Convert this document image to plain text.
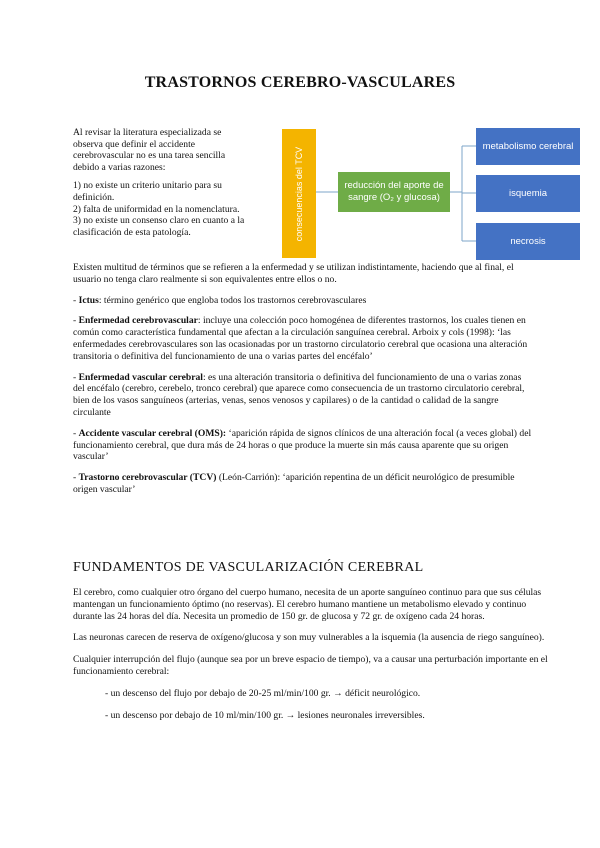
TRASTORNOS CEREBRO-VASCULARES

Al revisar la literatura especializada se observa que definir el accidente cerebrovascular no es una tarea sencilla debido a varias razones:

1) no existe un criterio unitario para su definición.
2) falta de uniformidad en la nomenclatura.
3) no existe un consenso claro en cuanto a la clasificación de esta patología.	consecuencias del TCV	reducción del aporte de sangre (O₂ y glucosa)
metabolismo cerebral
isquemia
necrosis

Existen multitud de términos que se refieren a la enfermedad y se utilizan indistintamente, haciendo que al final, el usuario no tenga claro realmente si son equivalentes entre ellos o no.

- Ictus: término genérico que engloba todos los trastornos cerebrovasculares

- Enfermedad cerebrovascular: incluye una colección poco homogénea de diferentes trastornos, los cuales tienen en común como característica fundamental que afectan a la circulación sanguínea cerebral. Arboix y cols (1998): ‘las enfermedades cerebrovasculares son las ocasionadas por un trastorno circulatorio cerebral que ocasiona una alteración transitoria o definitiva del funcionamiento de una o varias partes del encéfalo’

- Enfermedad vascular cerebral: es una alteración transitoria o definitiva del funcionamiento de una o varias zonas del encéfalo (cerebro, cerebelo, tronco cerebral) que aparece como consecuencia de un trastorno circulatorio cerebral, bien de los vasos sanguíneos (arterias, venas, senos venosos y capilares) o de la cantidad o calidad de la sangre circulante

- Accidente vascular cerebral (OMS): ‘aparición rápida de signos clínicos de una alteración focal (a veces global) del funcionamiento cerebral, que dura más de 24 horas o que produce la muerte sin más causa aparente que su origen vascular’

- Trastorno cerebrovascular (TCV) (León-Carrión): ‘aparición repentina de un déficit neurológico de presumible origen vascular’

FUNDAMENTOS DE VASCULARIZACIÓN CEREBRAL

El cerebro, como cualquier otro órgano del cuerpo humano, necesita de un aporte sanguíneo continuo para que sus células mantengan un funcionamiento óptimo (no reservas). El cerebro humano mantiene un metabolismo elevado y continuo durante las 24 horas del día. Necesita un promedio de 150 gr. de glucosa y 72 gr. de oxígeno cada 24 horas.

Las neuronas carecen de reserva de oxígeno/glucosa y son muy vulnerables a la isquemia (la ausencia de riego sanguíneo).

Cualquier interrupción del flujo (aunque sea por un breve espacio de tiempo), va a causar una perturbación importante en el funcionamiento cerebral:

- un descenso del flujo por debajo de 20-25 ml/min/100 gr. → déficit neurológico.

- un descenso por debajo de 10 ml/min/100 gr. → lesiones neuronales irreversibles.
